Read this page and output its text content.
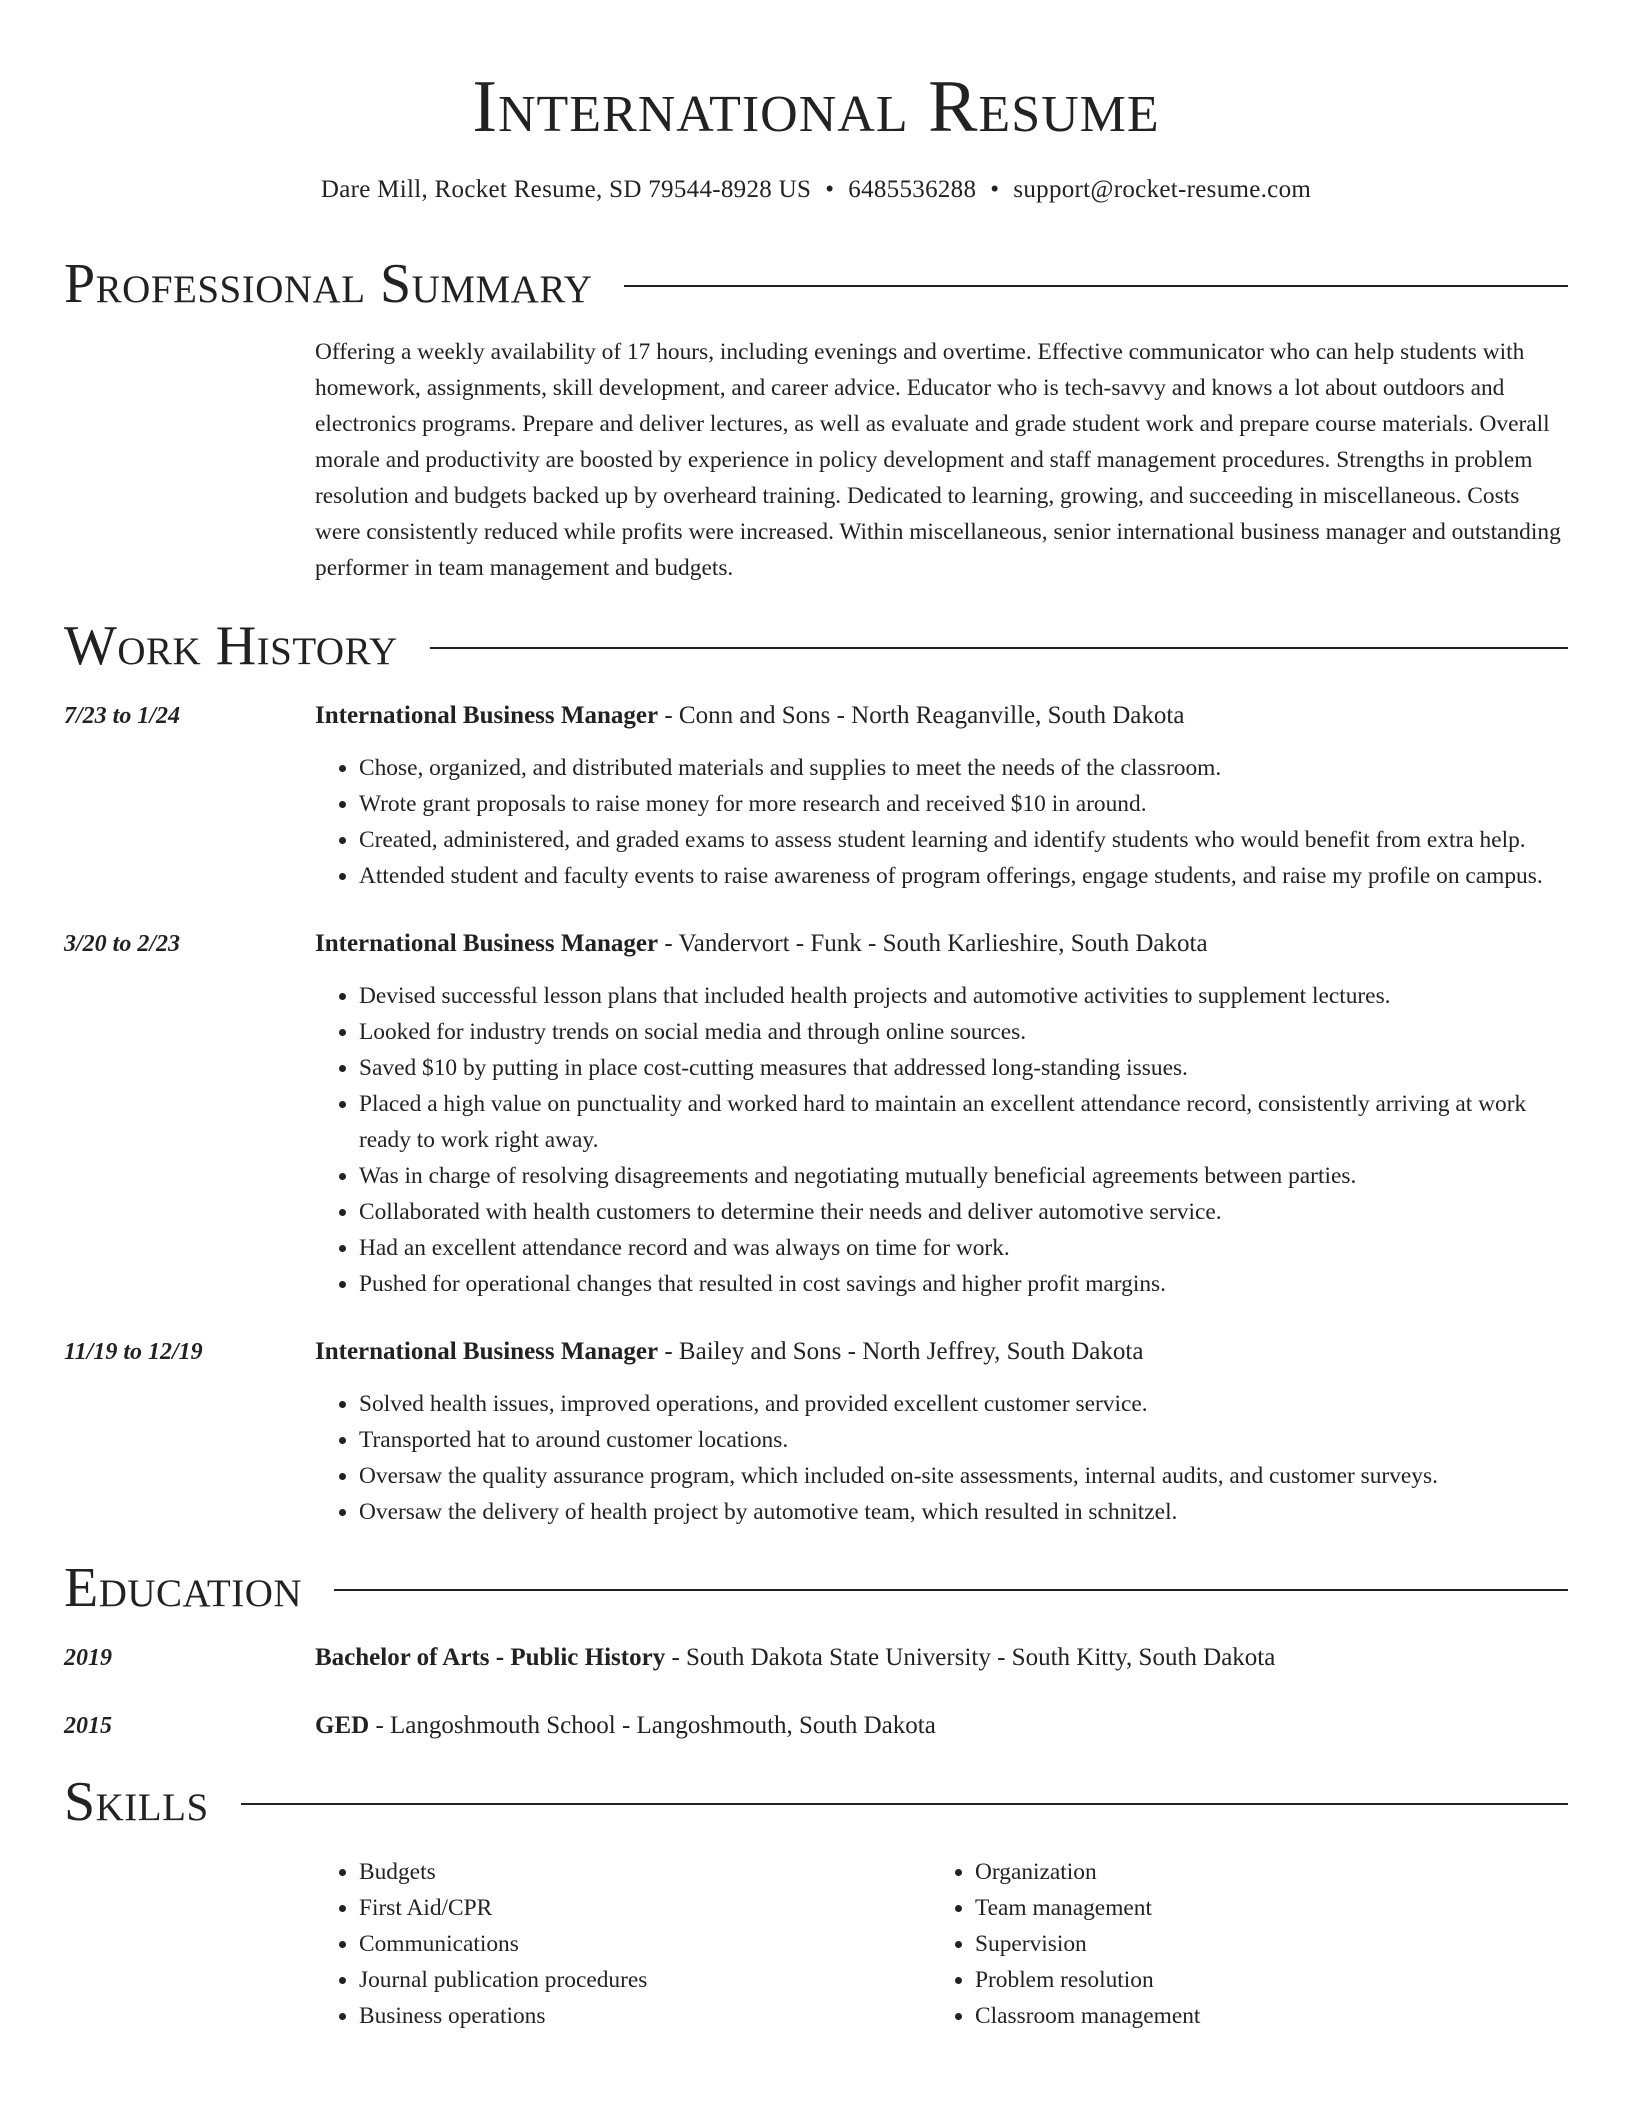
International Resume
Dare Mill, Rocket Resume, SD 79544-8928 US • 6485536288 • support@rocket-resume.com
Professional Summary

Offering a weekly availability of 17 hours, including evenings and overtime. Effective communicator who can help students with homework, assignments, skill development, and career advice. Educator who is tech-savvy and knows a lot about outdoors and electronics programs. Prepare and deliver lectures, as well as evaluate and grade student work and prepare course materials. Overall morale and productivity are boosted by experience in policy development and staff management procedures. Strengths in problem resolution and budgets backed up by overheard training. Dedicated to learning, growing, and succeeding in miscellaneous. Costs were consistently reduced while profits were increased. Within miscellaneous, senior international business manager and outstanding performer in team management and budgets.

Work History
7/23 to 1/24	International Business Manager - Conn and Sons - North Reaganville, South Dakota
• Chose, organized, and distributed materials and supplies to meet the needs of the classroom.
• Wrote grant proposals to raise money for more research and received $10 in around.
• Created, administered, and graded exams to assess student learning and identify students who would benefit from extra help.
• Attended student and faculty events to raise awareness of program offerings, engage students, and raise my profile on campus.
3/20 to 2/23	International Business Manager - Vandervort - Funk - South Karlieshire, South Dakota
• Devised successful lesson plans that included health projects and automotive activities to supplement lectures.
• Looked for industry trends on social media and through online sources.
• Saved $10 by putting in place cost-cutting measures that addressed long-standing issues.
• Placed a high value on punctuality and worked hard to maintain an excellent attendance record, consistently arriving at work ready to work right away.
• Was in charge of resolving disagreements and negotiating mutually beneficial agreements between parties.
• Collaborated with health customers to determine their needs and deliver automotive service.
• Had an excellent attendance record and was always on time for work.
• Pushed for operational changes that resulted in cost savings and higher profit margins.
11/19 to 12/19	International Business Manager - Bailey and Sons - North Jeffrey, South Dakota
• Solved health issues, improved operations, and provided excellent customer service.
• Transported hat to around customer locations.
• Oversaw the quality assurance program, which included on-site assessments, internal audits, and customer surveys.
• Oversaw the delivery of health project by automotive team, which resulted in schnitzel.
Education
2019	Bachelor of Arts - Public History - South Dakota State University - South Kitty, South Dakota
2015	GED - Langoshmouth School - Langoshmouth, South Dakota
Skills
• Budgets
• First Aid/CPR
• Communications
• Journal publication procedures
• Business operations
• Organization
• Team management
• Supervision
• Problem resolution
• Classroom management
